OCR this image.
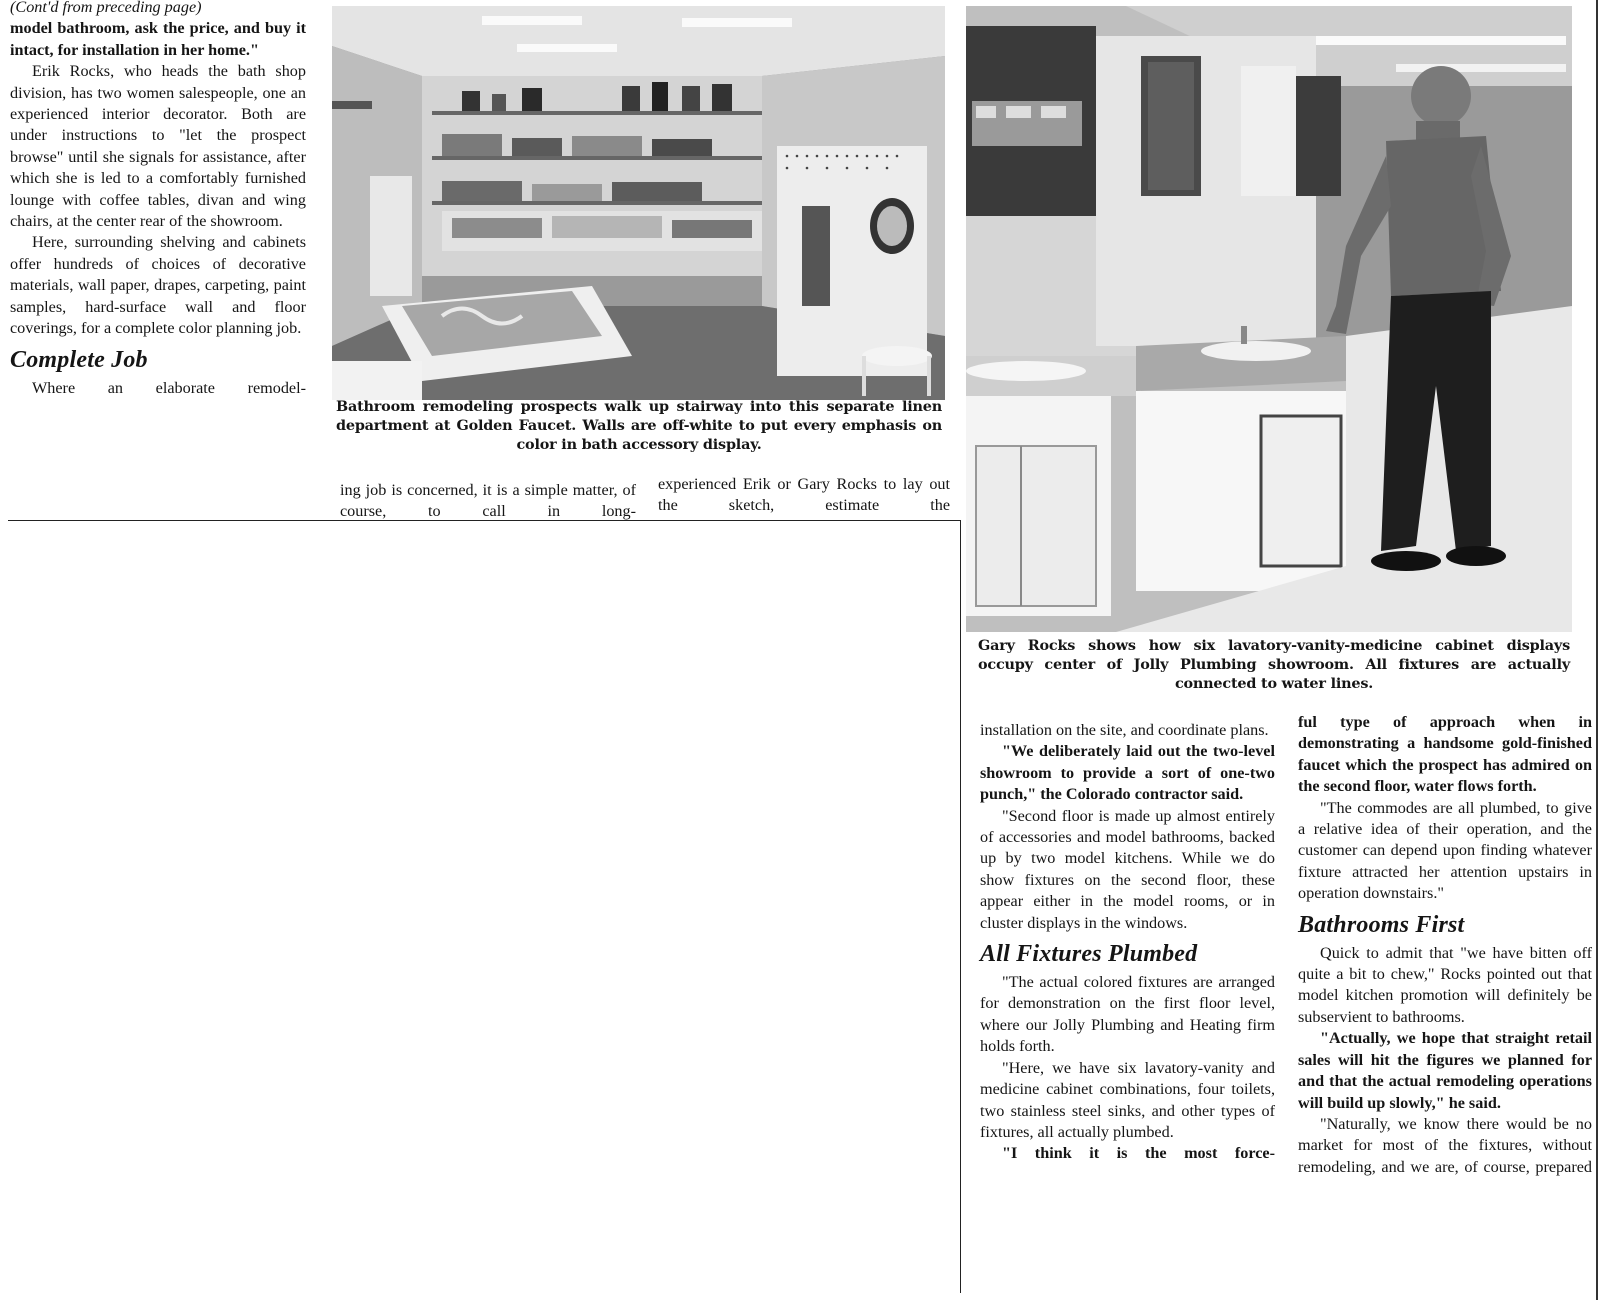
(Cont'd from preceding page)

model bathroom, ask the price, and buy it intact, for installation in her home."

Erik Rocks, who heads the bath shop division, has two women salespeople, one an experienced interior decorator. Both are under instructions to "let the prospect browse" until she signals for assistance, after which she is led to a comfortably furnished lounge with coffee tables, divan and wing chairs, at the center rear of the showroom.

Here, surrounding shelving and cabinets offer hundreds of choices of decorative materials, wall paper, drapes, carpeting, paint samples, hard-surface wall and floor coverings, for a complete color planning job.

Complete Job

Where an elaborate remodel-

Bathroom remodeling prospects walk up stairway into this separate linen department at Golden Faucet. Walls are off-white to put every emphasis on color in bath accessory display.

ing job is concerned, it is a simple matter, of course, to call in long-

experienced Erik or Gary Rocks to lay out the sketch, estimate the

Gary Rocks shows how six lavatory-vanity-medicine cabinet displays occupy center of Jolly Plumbing showroom. All fixtures are actually connected to water lines.

installation on the site, and coordinate plans.

"We deliberately laid out the two-level showroom to provide a sort of one-two punch," the Colorado contractor said.

"Second floor is made up almost entirely of accessories and model bathrooms, backed up by two model kitchens. While we do show fixtures on the second floor, these appear either in the model rooms, or in cluster displays in the windows.

All Fixtures Plumbed

"The actual colored fixtures are arranged for demonstration on the first floor level, where our Jolly Plumbing and Heating firm holds forth.

"Here, we have six lavatory-vanity and medicine cabinet combinations, four toilets, two stainless steel sinks, and other types of fixtures, all actually plumbed.

"I think it is the most force-

ful type of approach when in demonstrating a handsome gold-finished faucet which the prospect has admired on the second floor, water flows forth.

"The commodes are all plumbed, to give a relative idea of their operation, and the customer can depend upon finding whatever fixture attracted her attention upstairs in operation downstairs."

Bathrooms First

Quick to admit that "we have bitten off quite a bit to chew," Rocks pointed out that model kitchen promotion will definitely be subservient to bathrooms.

"Actually, we hope that straight retail sales will hit the figures we planned for and that the actual remodeling operations will build up slowly," he said.

"Naturally, we know there would be no market for most of the fixtures, without remodeling, and we are, of course, prepared
